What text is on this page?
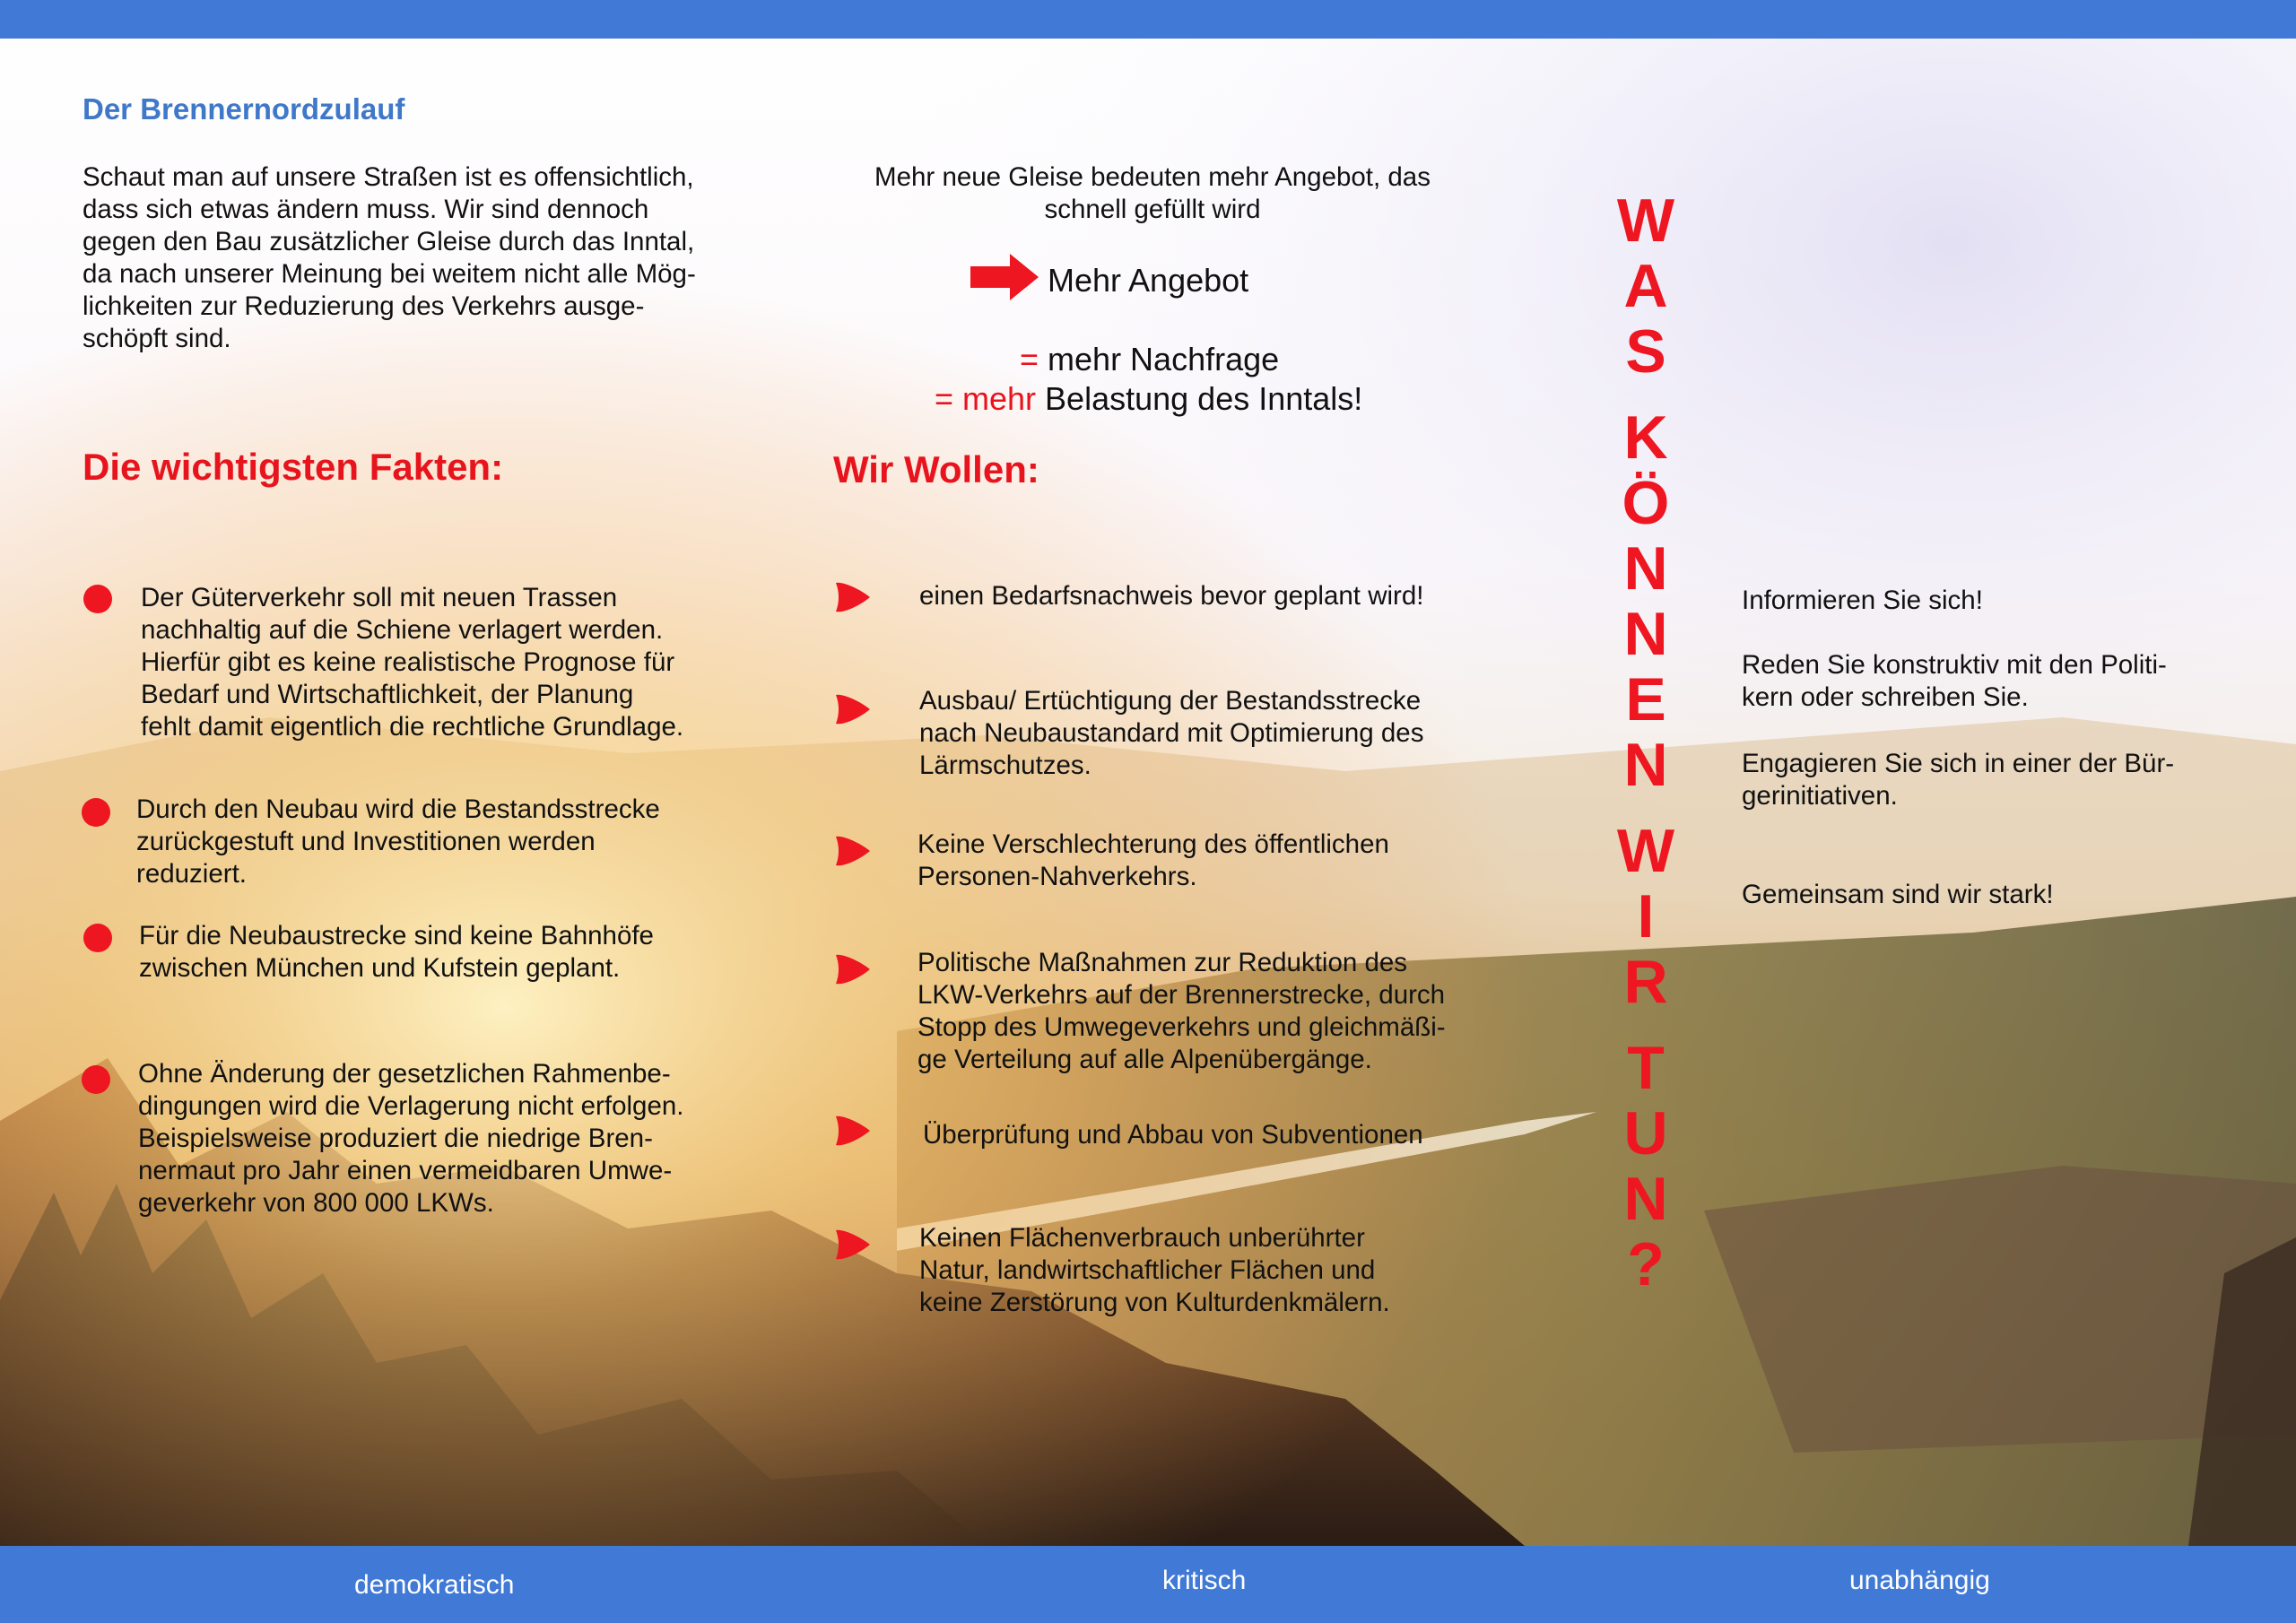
Der Brennernordzulauf
Schaut man auf unsere Straßen ist es offensichtlich,
dass sich etwas ändern muss. Wir sind dennoch
gegen den Bau zusätzlicher Gleise durch das Inntal,
da nach unserer Meinung bei weitem nicht alle Mög-
lichkeiten zur Reduzierung des Verkehrs ausge-
schöpft sind.
Die wichtigsten Fakten:
Der Güterverkehr soll mit neuen Trassen
nachhaltig auf die Schiene verlagert werden.
Hierfür gibt es keine realistische Prognose für
Bedarf und Wirtschaftlichkeit, der Planung
fehlt damit eigentlich die rechtliche Grundlage.
Durch den Neubau wird die Bestandsstrecke
zurückgestuft und Investitionen werden
reduziert.
Für die Neubaustrecke sind keine Bahnhöfe
zwischen München und Kufstein geplant.
Ohne Änderung der gesetzlichen Rahmenbe-
dingungen wird die Verlagerung nicht erfolgen.
Beispielsweise produziert die niedrige Bren-
nermaut pro Jahr einen vermeidbaren Umwe-
geverkehr von 800 000 LKWs.
Mehr neue Gleise bedeuten mehr Angebot, das
schnell gefüllt wird
Mehr Angebot

= mehr Nachfrage

= mehr Belastung des Inntals!

Wir Wollen:
einen Bedarfsnachweis bevor geplant wird!
Ausbau/ Ertüchtigung der Bestandsstrecke
nach Neubaustandard mit Optimierung des
Lärmschutzes.
Keine Verschlechterung des öffentlichen
Personen-Nahverkehrs.
Politische Maßnahmen zur Reduktion des
LKW-Verkehrs auf der Brennerstrecke, durch
Stopp des Umwegeverkehrs und gleichmäßi-
ge Verteilung auf alle Alpenübergänge.
Überprüfung und Abbau von Subventionen
Keinen Flächenverbrauch unberührter
Natur, landwirtschaftlicher Flächen und
keine Zerstörung von Kulturdenkmälern.
W
A
S
K
Ö
N
N
E
N
W
I
R
T
U
N
?
Informieren Sie sich!
Reden Sie konstruktiv mit den Politi-
kern oder schreiben Sie.
Engagieren Sie sich in einer der Bür-
gerinitiativen.
Gemeinsam sind wir stark!
demokratisch	kritisch	unabhängig
